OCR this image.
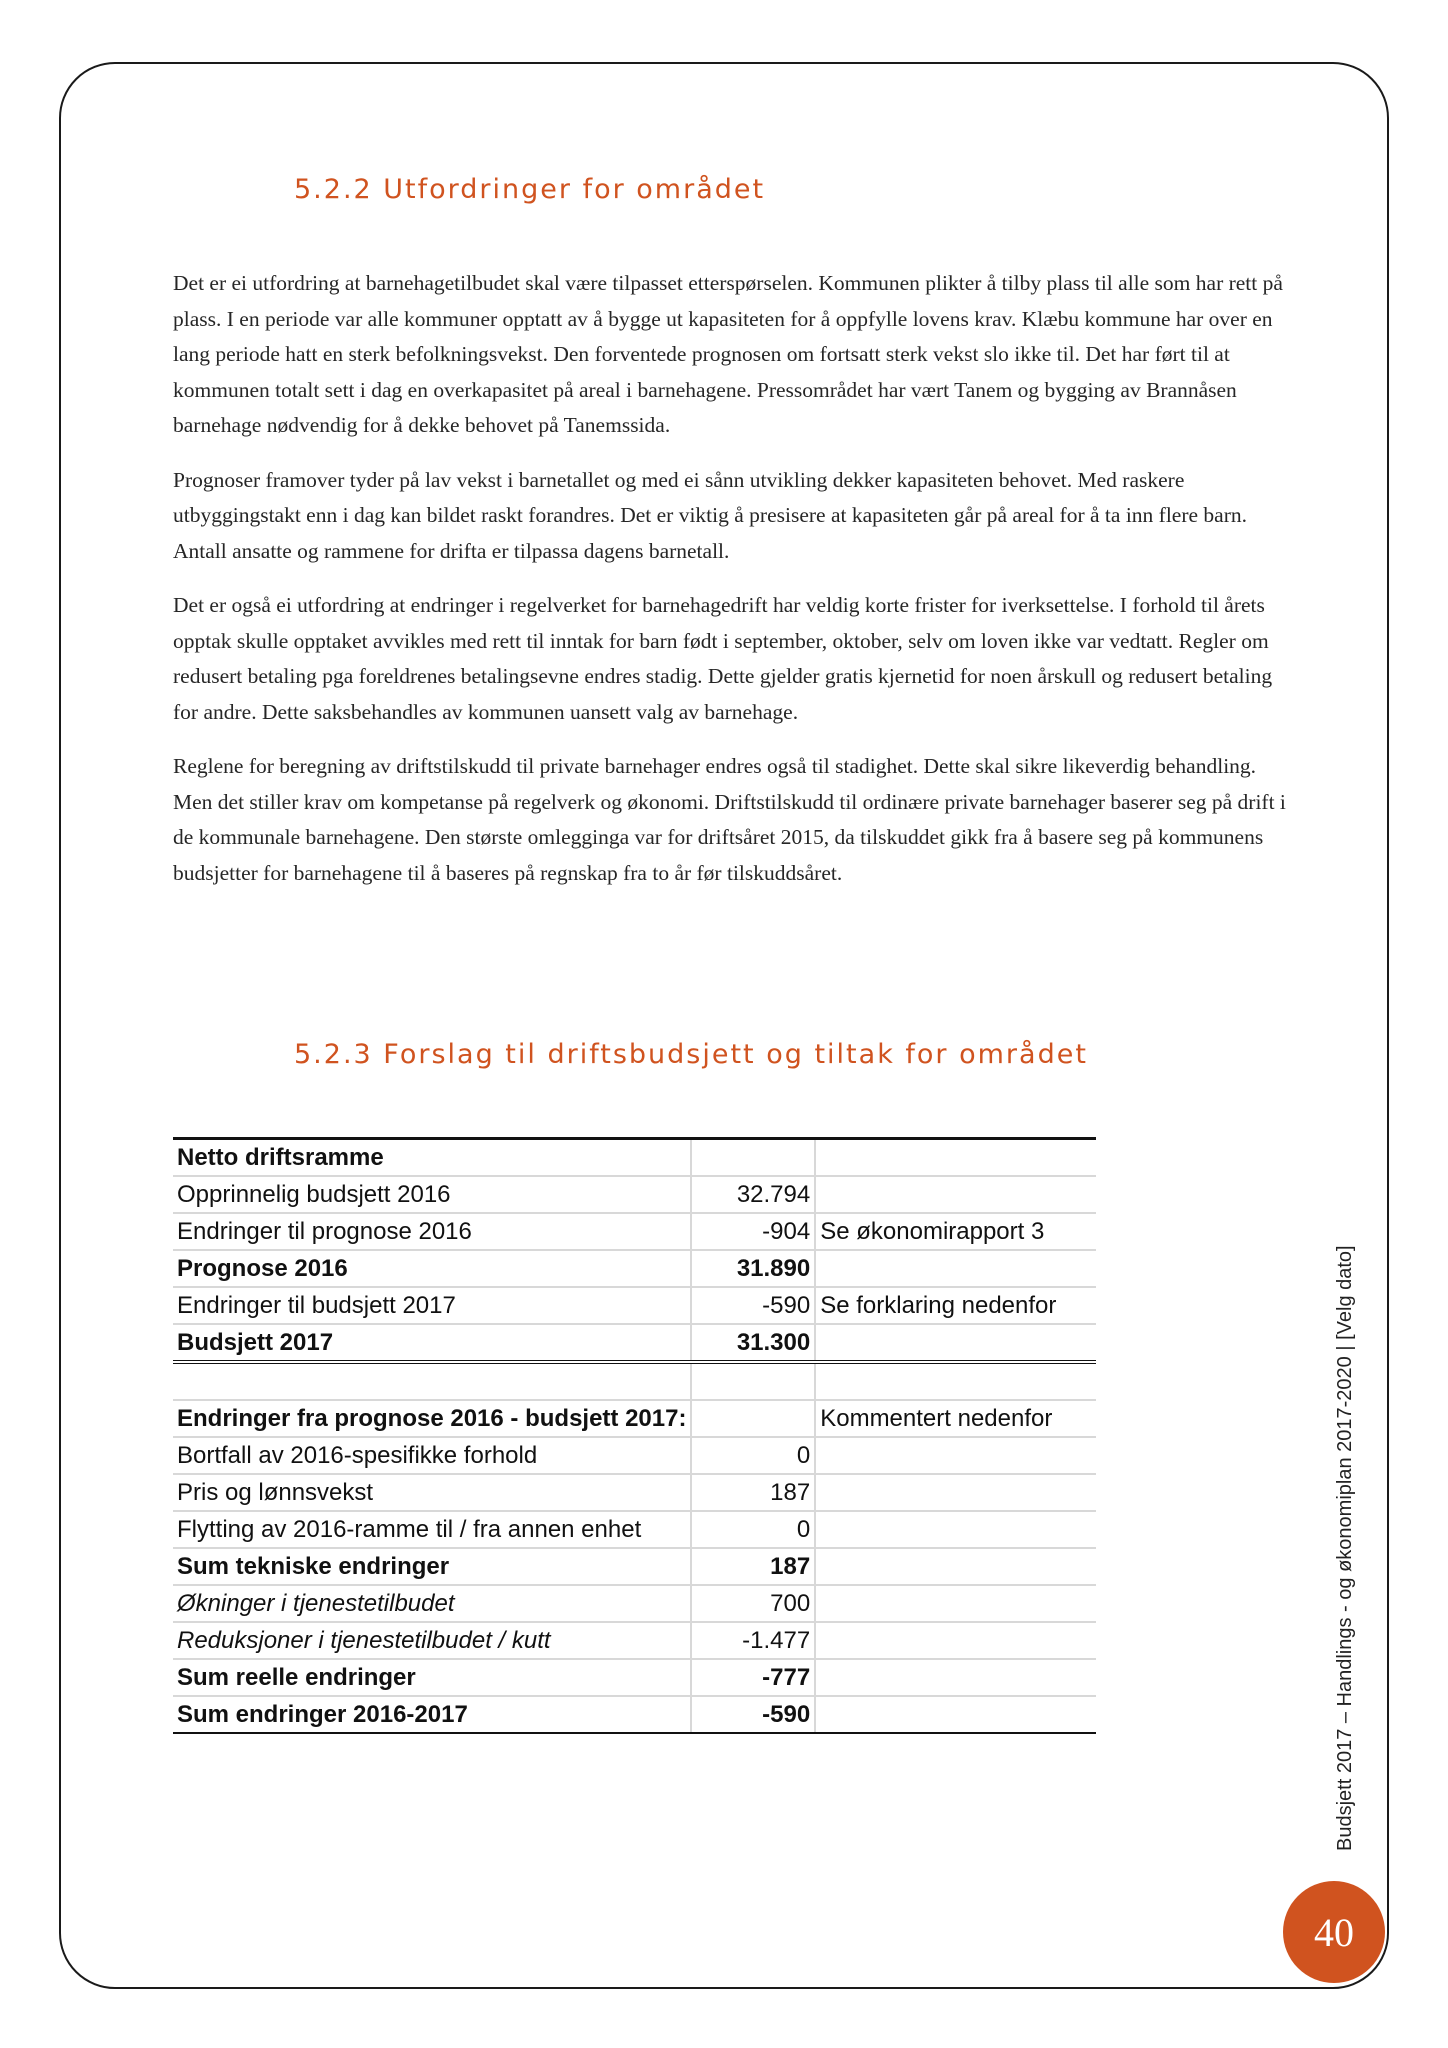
5.2.2 Utfordringer for området

Det er ei utfordring at barnehagetilbudet skal være tilpasset etterspørselen. Kommunen plikter å tilby plass til alle som har rett på plass. I en periode var alle kommuner opptatt av å bygge ut kapasiteten for å oppfylle lovens krav. Klæbu kommune har over en lang periode hatt en sterk befolkningsvekst. Den forventede prognosen om fortsatt sterk vekst slo ikke til. Det har ført til at kommunen totalt sett i dag en overkapasitet på areal i barnehagene. Pressområdet har vært Tanem og bygging av Brannåsen barnehage nødvendig for å dekke behovet på Tanemssida.

Prognoser framover tyder på lav vekst i barnetallet og med ei sånn utvikling dekker kapasiteten behovet. Med raskere utbyggingstakt enn i dag kan bildet raskt forandres. Det er viktig å presisere at kapasiteten går på areal for å ta inn flere barn. Antall ansatte og rammene for drifta er tilpassa dagens barnetall.

Det er også ei utfordring at endringer i regelverket for barnehagedrift har veldig korte frister for iverksettelse. I forhold til årets opptak skulle opptaket avvikles med rett til inntak for barn født i september, oktober, selv om loven ikke var vedtatt. Regler om redusert betaling pga foreldrenes betalingsevne endres stadig. Dette gjelder gratis kjernetid for noen årskull og redusert betaling for andre. Dette saksbehandles av kommunen uansett valg av barnehage.

Reglene for beregning av driftstilskudd til private barnehager endres også til stadighet. Dette skal sikre likeverdig behandling. Men det stiller krav om kompetanse på regelverk og økonomi. Driftstilskudd til ordinære private barnehager baserer seg på drift i de kommunale barnehagene. Den største omlegginga var for driftsåret 2015, da tilskuddet gikk fra å basere seg på kommunens budsjetter for barnehagene til å baseres på regnskap fra to år før tilskuddsåret.

5.2.3 Forslag til driftsbudsjett og tiltak for området
Netto driftsramme		
Opprinnelig budsjett 2016	32.794	
Endringer til prognose 2016	-904	Se økonomirapport 3
Prognose 2016	31.890	
Endringer til budsjett 2017	-590	Se forklaring nedenfor
Budsjett 2017	31.300	

Endringer fra prognose 2016 - budsjett 2017:		Kommentert nedenfor
Bortfall av 2016-spesifikke forhold	0	
Pris og lønnsvekst	187	
Flytting av 2016-ramme til / fra annen enhet	0	
Sum tekniske endringer	187	
Økninger i tjenestetilbudet	700	
Reduksjoner i tjenestetilbudet / kutt	-1.477	
Sum reelle endringer	-777	
Sum endringer 2016-2017	-590		Budsjett 2017 – Handlings - og økonomiplan 2017-2020 | [Velg dato]
40
